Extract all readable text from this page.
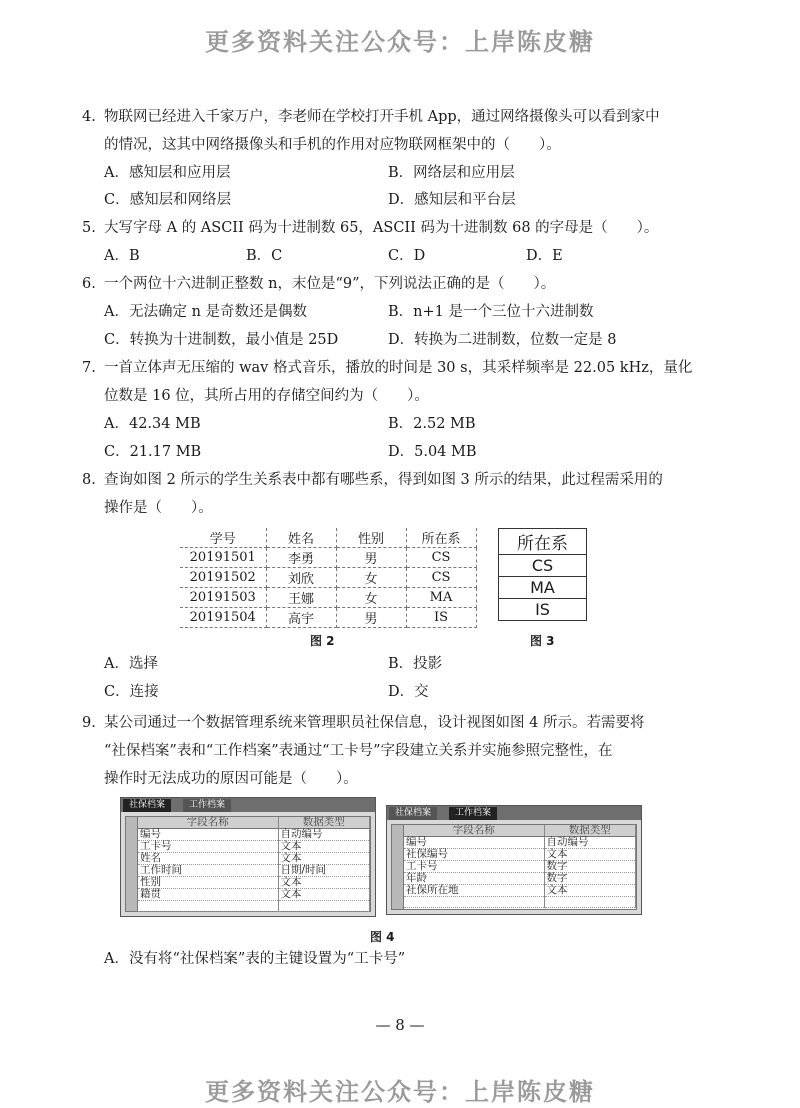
更多资料关注公众号：上岸陈皮糖
4. 物联网已经进入千家万户，李老师在学校打开手机 App，通过网络摄像头可以看到家中
的情况，这其中网络摄像头和手机的作用对应物联网框架中的（　　）。
A．感知层和应用层	B．网络层和应用层
C．感知层和网络层	D．感知层和平台层
5. 大写字母 A 的 ASCII 码为十进制数 65，ASCII 码为十进制数 68 的字母是（　　）。
A．B	B．C	C．D	D．E
6. 一个两位十六进制正整数 n，末位是“9”，下列说法正确的是（　　）。
A．无法确定 n 是奇数还是偶数	B．n+1 是一个三位十六进制数
C．转换为十进制数，最小值是 25D	D．转换为二进制数，位数一定是 8
7. 一首立体声无压缩的 wav 格式音乐，播放的时间是 30 s，其采样频率是 22.05 kHz，量化
位数是 16 位，其所占用的存储空间约为（　　）。
A．42.34 MB	B．2.52 MB
C．21.17 MB	D．5.04 MB
8. 查询如图 2 所示的学生关系表中都有哪些系，得到如图 3 所示的结果，此过程需采用的
操作是（　　）。
学号	姓名	性别	所在系
20191501	李勇	男	CS
20191502	刘欣	女	CS
20191503	王娜	女	MA
20191504	高宇	男	IS
图 2
所在系
CS
MA
IS
图 3
A．选择	B．投影
C．连接	D．交
9. 某公司通过一个数据管理系统来管理职员社保信息，设计视图如图 4 所示。若需要将
“社保档案”表和“工作档案”表通过“工卡号”字段建立关系并实施参照完整性，在
操作时无法成功的原因可能是（　　）。
社保档案	工作档案
字段名称	数据类型
编号	自动编号
工卡号	文本
姓名	文本
工作时间	日期/时间
性别	文本
籍贯	文本

社保档案	工作档案
字段名称	数据类型
编号	自动编号
社保编号	文本
工卡号	数字
年龄	数字
社保所在地	文本

图 4
A．没有将“社保档案”表的主键设置为“工卡号”
— 8 —
更多资料关注公众号：上岸陈皮糖
